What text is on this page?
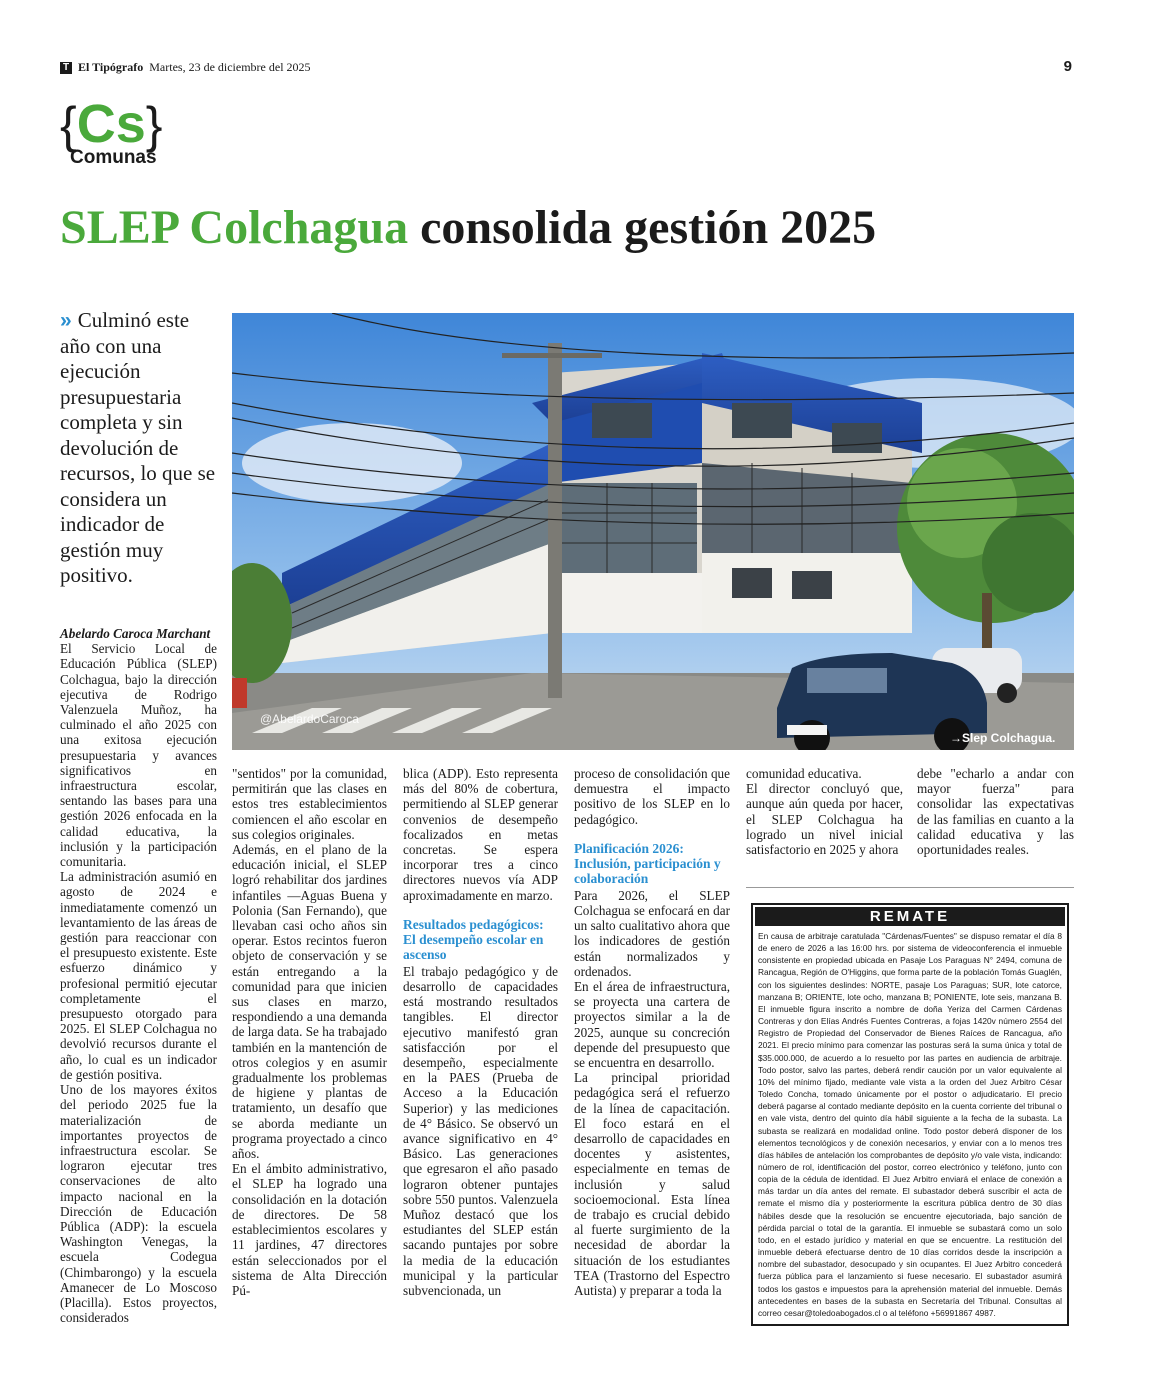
T El Tipógrafo Martes, 23 de diciembre del 2025	9
{Cs}
Comunas
SLEP Colchagua consolida gestión 2025
» Culminó este año con una ejecución presupuestaria completa y sin devolución de recursos, lo que se considera un indicador de gestión muy positivo.
@AbelardoCaroca
→Slep Colchagua.

Abelardo Caroca Marchant

El Servicio Local de Educación Pública (SLEP) Colchagua, bajo la dirección ejecutiva de Rodrigo Valenzuela Muñoz, ha culminado el año 2025 con una exitosa ejecución presupuestaria y avances significativos en infraestructura escolar, sentando las bases para una gestión 2026 enfocada en la calidad educativa, la inclusión y la participación comunitaria.

La administración asumió en agosto de 2024 e inmediatamente comenzó un levantamiento de las áreas de gestión para reaccionar con el presupuesto existente. Este esfuerzo dinámico y profesional permitió ejecutar completamente el presupuesto otorgado para 2025. El SLEP Colchagua no devolvió recursos durante el año, lo cual es un indicador de gestión positiva.

Uno de los mayores éxitos del periodo 2025 fue la materialización de importantes proyectos de infraestructura escolar. Se lograron ejecutar tres conservaciones de alto impacto nacional en la Dirección de Educación Pública (ADP): la escuela Washington Venegas, la escuela Codegua (Chimbarongo) y la escuela Amanecer de Lo Moscoso (Placilla). Estos proyectos, considerados

"sentidos" por la comunidad, permitirán que las clases en estos tres establecimientos comiencen el año escolar en sus colegios originales.

Además, en el plano de la educación inicial, el SLEP logró rehabilitar dos jardines infantiles —Aguas Buena y Polonia (San Fernando), que llevaban casi ocho años sin operar. Estos recintos fueron objeto de conservación y se están entregando a la comunidad para que inicien sus clases en marzo, respondiendo a una demanda de larga data. Se ha trabajado también en la mantención de otros colegios y en asumir gradualmente los problemas de higiene y plantas de tratamiento, un desafío que se aborda mediante un programa proyectado a cinco años.

En el ámbito administrativo, el SLEP ha logrado una consolidación en la dotación de directores. De 58 establecimientos escolares y 11 jardines, 47 directores están seleccionados por el sistema de Alta Dirección Pú-

blica (ADP). Esto representa más del 80% de cobertura, permitiendo al SLEP generar convenios de desempeño focalizados en metas concretas. Se espera incorporar tres a cinco directores nuevos vía ADP aproximadamente en marzo.

Resultados pedagógicos: El desempeño escolar en ascenso

El trabajo pedagógico y de desarrollo de capacidades está mostrando resultados tangibles. El director ejecutivo manifestó gran satisfacción por el desempeño, especialmente en la PAES (Prueba de Acceso a la Educación Superior) y las mediciones de 4° Básico. Se observó un avance significativo en 4° Básico. Las generaciones que egresaron el año pasado lograron obtener puntajes sobre 550 puntos. Valenzuela Muñoz destacó que los estudiantes del SLEP están sacando puntajes por sobre la media de la educación municipal y la particular subvencionada, un

proceso de consolidación que demuestra el impacto positivo de los SLEP en lo pedagógico.

Planificación 2026: Inclusión, participación y colaboración

Para 2026, el SLEP Colchagua se enfocará en dar un salto cualitativo ahora que los indicadores de gestión están normalizados y ordenados.

En el área de infraestructura, se proyecta una cartera de proyectos similar a la de 2025, aunque su concreción depende del presupuesto que se encuentra en desarrollo.

La principal prioridad pedagógica será el refuerzo de la línea de capacitación. El foco estará en el desarrollo de capacidades en docentes y asistentes, especialmente en temas de inclusión y salud socioemocional. Esta línea de trabajo es crucial debido al fuerte surgimiento de la necesidad de abordar la situación de los estudiantes TEA (Trastorno del Espectro Autista) y preparar a toda la

comunidad educativa.

El director concluyó que, aunque aún queda por hacer, el SLEP Colchagua ha logrado un nivel inicial satisfactorio en 2025 y ahora

debe "echarlo a andar con mayor fuerza" para consolidar las expectativas de las familias en cuanto a la calidad educativa y las oportunidades reales.

REMATE
En causa de arbitraje caratulada "Cárdenas/Fuentes" se dispuso rematar el día 8 de enero de 2026 a las 16:00 hrs. por sistema de videoconferencia el inmueble consistente en propiedad ubicada en Pasaje Los Paraguas N° 2494, comuna de Rancagua, Región de O'Higgins, que forma parte de la población Tomás Guaglén, con los siguientes deslindes: NORTE, pasaje Los Paraguas; SUR, lote catorce, manzana B; ORIENTE, lote ocho, manzana B; PONIENTE, lote seis, manzana B. El inmueble figura inscrito a nombre de doña Yeriza del Carmen Cárdenas Contreras y don Elías Andrés Fuentes Contreras, a fojas 1420v número 2554 del Registro de Propiedad del Conservador de Bienes Raíces de Rancagua, año 2021. El precio mínimo para comenzar las posturas será la suma única y total de $35.000.000, de acuerdo a lo resuelto por las partes en audiencia de arbitraje. Todo postor, salvo las partes, deberá rendir caución por un valor equivalente al 10% del mínimo fijado, mediante vale vista a la orden del Juez Arbitro César Toledo Concha, tomado únicamente por el postor o adjudicatario. El precio deberá pagarse al contado mediante depósito en la cuenta corriente del tribunal o en vale vista, dentro del quinto día hábil siguiente a la fecha de la subasta. La subasta se realizará en modalidad online. Todo postor deberá disponer de los elementos tecnológicos y de conexión necesarios, y enviar con a lo menos tres días hábiles de antelación los comprobantes de depósito y/o vale vista, indicando: número de rol, identificación del postor, correo electrónico y teléfono, junto con copia de la cédula de identidad. El Juez Arbitro enviará el enlace de conexión a más tardar un día antes del remate. El subastador deberá suscribir el acta de remate el mismo día y posteriormente la escritura pública dentro de 30 días hábiles desde que la resolución se encuentre ejecutoriada, bajo sanción de pérdida parcial o total de la garantía. El inmueble se subastará como un solo todo, en el estado jurídico y material en que se encuentre. La restitución del inmueble deberá efectuarse dentro de 10 días corridos desde la inscripción a nombre del subastador, desocupado y sin ocupantes. El Juez Arbitro concederá fuerza pública para el lanzamiento si fuese necesario. El subastador asumirá todos los gastos e impuestos para la aprehensión material del inmueble. Demás antecedentes en bases de la subasta en Secretaría del Tribunal. Consultas al correo cesar@toledoabogados.cl o al teléfono +56991867 4987.
